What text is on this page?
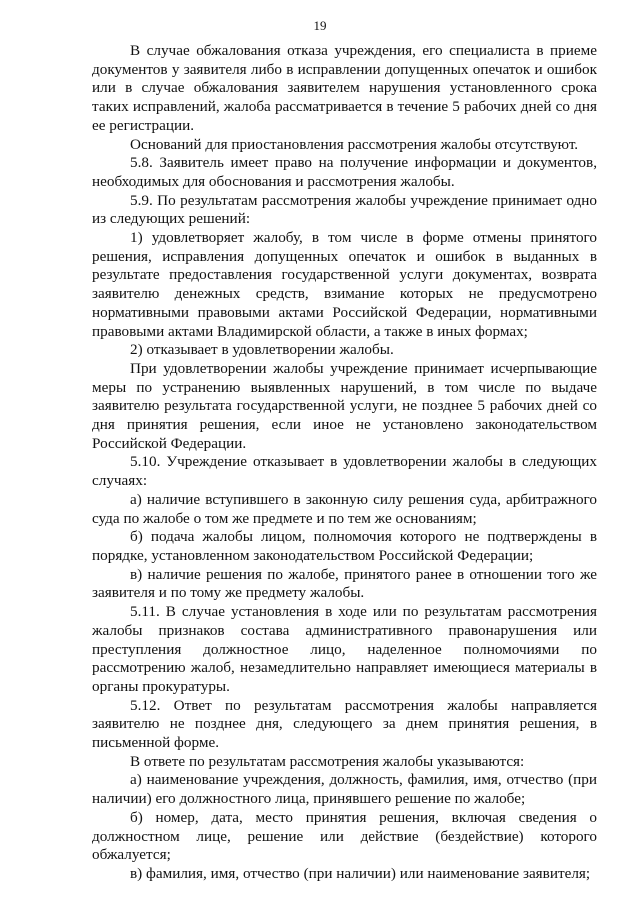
19

В случае обжалования отказа учреждения, его специалиста в приеме документов у заявителя либо в исправлении допущенных опечаток и ошибок или в случае обжалования заявителем нарушения установленного срока таких исправлений, жалоба рассматривается в течение 5 рабочих дней со дня ее регистрации.

Оснований для приостановления рассмотрения жалобы отсутствуют.

5.8. Заявитель имеет право на получение информации и документов, необходимых для обоснования и рассмотрения жалобы.

5.9. По результатам рассмотрения жалобы учреждение принимает одно из следующих решений:

1) удовлетворяет жалобу, в том числе в форме отмены принятого решения, исправления допущенных опечаток и ошибок в выданных в результате предоставления государственной услуги документах, возврата заявителю денежных средств, взимание которых не предусмотрено нормативными правовыми актами Российской Федерации, нормативными правовыми актами Владимирской области, а также в иных формах;

2) отказывает в удовлетворении жалобы.

При удовлетворении жалобы учреждение принимает исчерпывающие меры по устранению выявленных нарушений, в том числе по выдаче заявителю результата государственной услуги, не позднее 5 рабочих дней со дня принятия решения, если иное не установлено законодательством Российской Федерации.

5.10. Учреждение отказывает в удовлетворении жалобы в следующих случаях:

а) наличие вступившего в законную силу решения суда, арбитражного суда по жалобе о том же предмете и по тем же основаниям;

б) подача жалобы лицом, полномочия которого не подтверждены в порядке, установленном законодательством Российской Федерации;

в) наличие решения по жалобе, принятого ранее в отношении того же заявителя и по тому же предмету жалобы.

5.11. В случае установления в ходе или по результатам рассмотрения жалобы признаков состава административного правонарушения или преступления должностное лицо, наделенное полномочиями по рассмотрению жалоб, незамедлительно направляет имеющиеся материалы в органы прокуратуры.

5.12. Ответ по результатам рассмотрения жалобы направляется заявителю не позднее дня, следующего за днем принятия решения, в письменной форме.

В ответе по результатам рассмотрения жалобы указываются:

а) наименование учреждения, должность, фамилия, имя, отчество (при наличии) его должностного лица, принявшего решение по жалобе;

б) номер, дата, место принятия решения, включая сведения о должностном лице, решение или действие (бездействие) которого обжалуется;

в) фамилия, имя, отчество (при наличии) или наименование заявителя;
